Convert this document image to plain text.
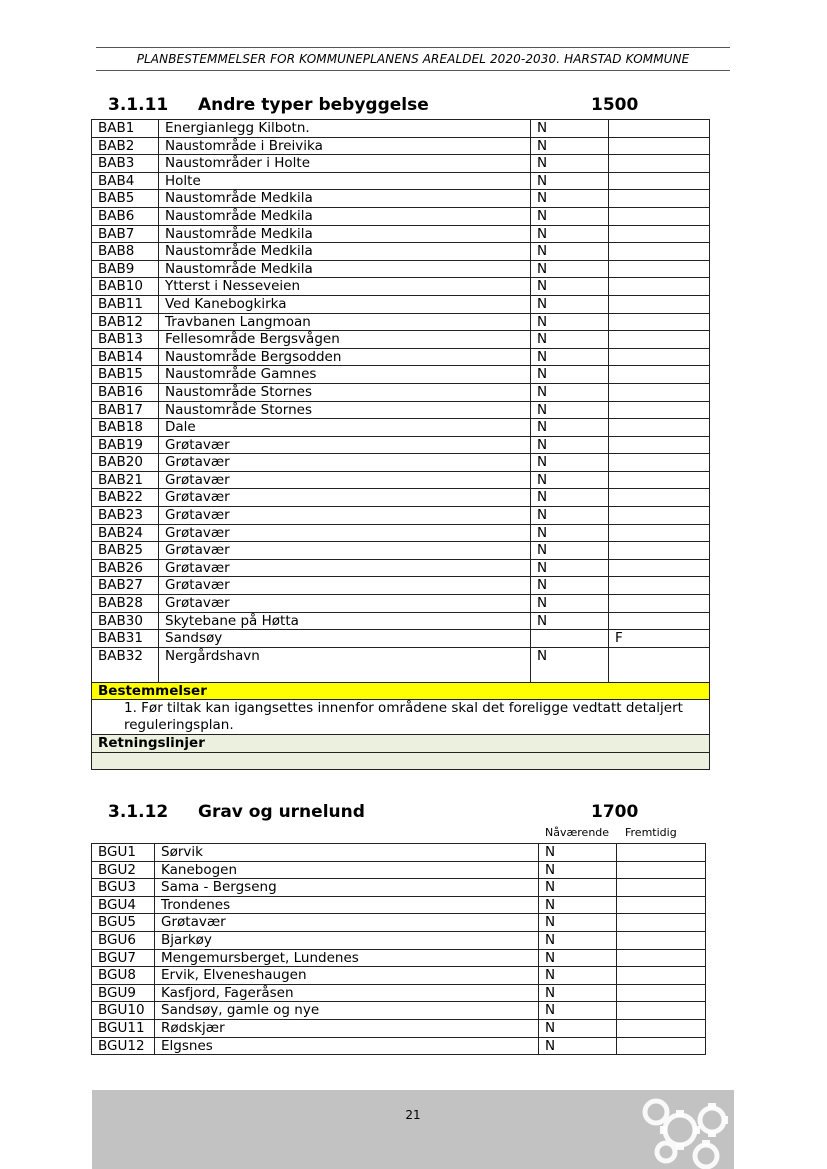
PLANBESTEMMELSER FOR KOMMUNEPLANENS AREALDEL 2020-2030. HARSTAD KOMMUNE
3.1.11 Andre typer bebyggelse	1500
BAB1	Energianlegg Kilbotn.	N	
BAB2	Naustområde i Breivika	N	
BAB3	Naustområder i Holte	N	
BAB4	Holte	N	
BAB5	Naustområde Medkila	N	
BAB6	Naustområde Medkila	N	
BAB7	Naustområde Medkila	N	
BAB8	Naustområde Medkila	N	
BAB9	Naustområde Medkila	N	
BAB10	Ytterst i Nesseveien	N	
BAB11	Ved Kanebogkirka	N	
BAB12	Travbanen Langmoan	N	
BAB13	Fellesområde Bergsvågen	N	
BAB14	Naustområde Bergsodden	N	
BAB15	Naustområde Gamnes	N	
BAB16	Naustområde Stornes	N	
BAB17	Naustområde Stornes	N	
BAB18	Dale	N	
BAB19	Grøtavær	N	
BAB20	Grøtavær	N	
BAB21	Grøtavær	N	
BAB22	Grøtavær	N	
BAB23	Grøtavær	N	
BAB24	Grøtavær	N	
BAB25	Grøtavær	N	
BAB26	Grøtavær	N	
BAB27	Grøtavær	N	
BAB28	Grøtavær	N	
BAB30	Skytebane på Høtta	N	
BAB31	Sandsøy		F
BAB32	Nergårdshavn	N	
Bestemmelser			
1. Før tiltak kan igangsettes innenfor områdene skal det foreligge vedtatt detaljert reguleringsplan.			
Retningslinjer			

3.1.12 Grav og urnelund	1700
Nåværende Fremtidig
BGU1	Sørvik	N	
BGU2	Kanebogen	N	
BGU3	Sama - Bergseng	N	
BGU4	Trondenes	N	
BGU5	Grøtavær	N	
BGU6	Bjarkøy	N	
BGU7	Mengemursberget, Lundenes	N	
BGU8	Ervik, Elveneshaugen	N	
BGU9	Kasfjord, Fageråsen	N	
BGU10	Sandsøy, gamle og nye	N	
BGU11	Rødskjær	N	
BGU12	Elgsnes	N	
21
